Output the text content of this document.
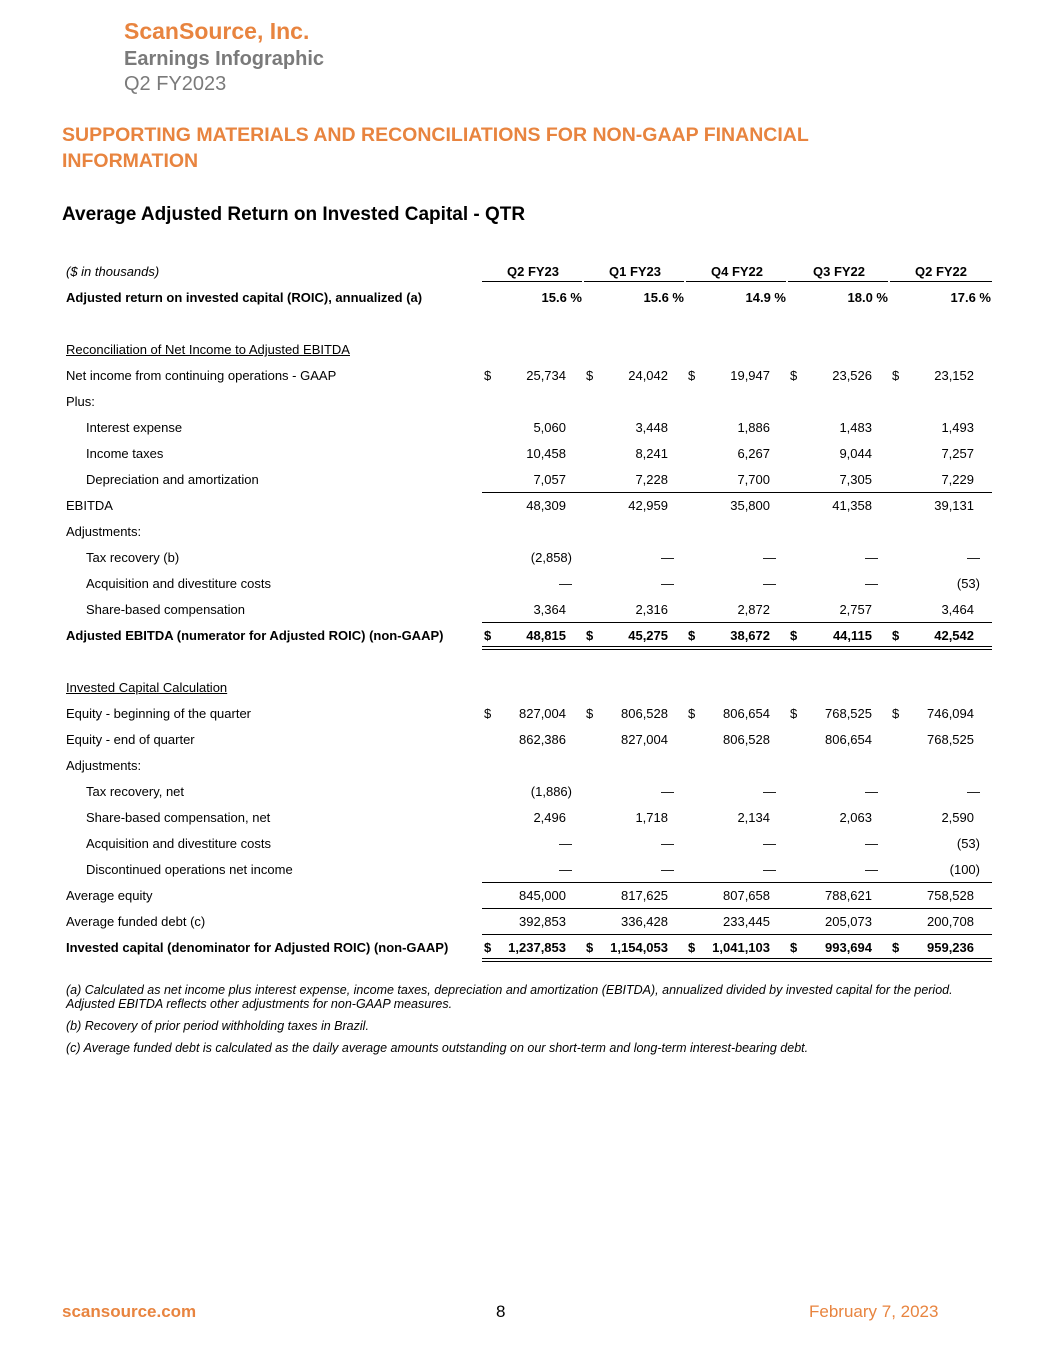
ScanSource, Inc.
Earnings Infographic
Q2 FY2023
SUPPORTING MATERIALS AND RECONCILIATIONS FOR NON-GAAP FINANCIAL INFORMATION
Average Adjusted Return on Invested Capital - QTR
($ in thousands)	Q2 FY23	Q1 FY23	Q4 FY22	Q3 FY22	Q2 FY22
Adjusted return on invested capital (ROIC), annualized (a)	15.6 %	15.6 %	14.9 %	18.0 %	17.6 %
Reconciliation of Net Income to Adjusted EBITDA
Net income from continuing operations - GAAP	$	25,734 $	24,042 $	19,947 $	23,526 $	23,152
Plus:
Interest expense	5,060	3,448	1,886	1,483	1,493
Income taxes	10,458	8,241	6,267	9,044	7,257
Depreciation and amortization	7,057	7,228	7,700	7,305	7,229
EBITDA	48,309	42,959	35,800	41,358	39,131
Adjustments:
Tax recovery (b)	(2,858)	—	—	—	—
Acquisition and divestiture costs	—	—	—	—	(53)
Share-based compensation	3,364	2,316	2,872	2,757	3,464
Adjusted EBITDA (numerator for Adjusted ROIC) (non-GAAP)	$	48,815 $	45,275 $	38,672 $	44,115 $	42,542
Invested Capital Calculation
Equity - beginning of the quarter	$ 827,004 $ 806,528 $ 806,654 $ 768,525 $ 746,094
Equity - end of quarter	862,386	827,004	806,528	806,654	768,525
Adjustments:
Tax recovery, net	(1,886)	—	—	—	—
Share-based compensation, net	2,496	1,718	2,134	2,063	2,590
Acquisition and divestiture costs	—	—	—	—	(53)
Discontinued operations net income	—	—	—	—	(100)
Average equity	845,000	817,625	807,658	788,621	758,528
Average funded debt (c)	392,853	336,428	233,445	205,073	200,708
Invested capital (denominator for Adjusted ROIC) (non-GAAP)	$ 1,237,853 $ 1,154,053 $ 1,041,103 $ 993,694 $ 959,236
(a) Calculated as net income plus interest expense, income taxes, depreciation and amortization (EBITDA), annualized divided by invested capital for the period. Adjusted EBITDA reflects other adjustments for non-GAAP measures.
(b) Recovery of prior period withholding taxes in Brazil.
(c) Average funded debt is calculated as the daily average amounts outstanding on our short-term and long-term interest-bearing debt.
scansource.com	8	February 7, 2023
